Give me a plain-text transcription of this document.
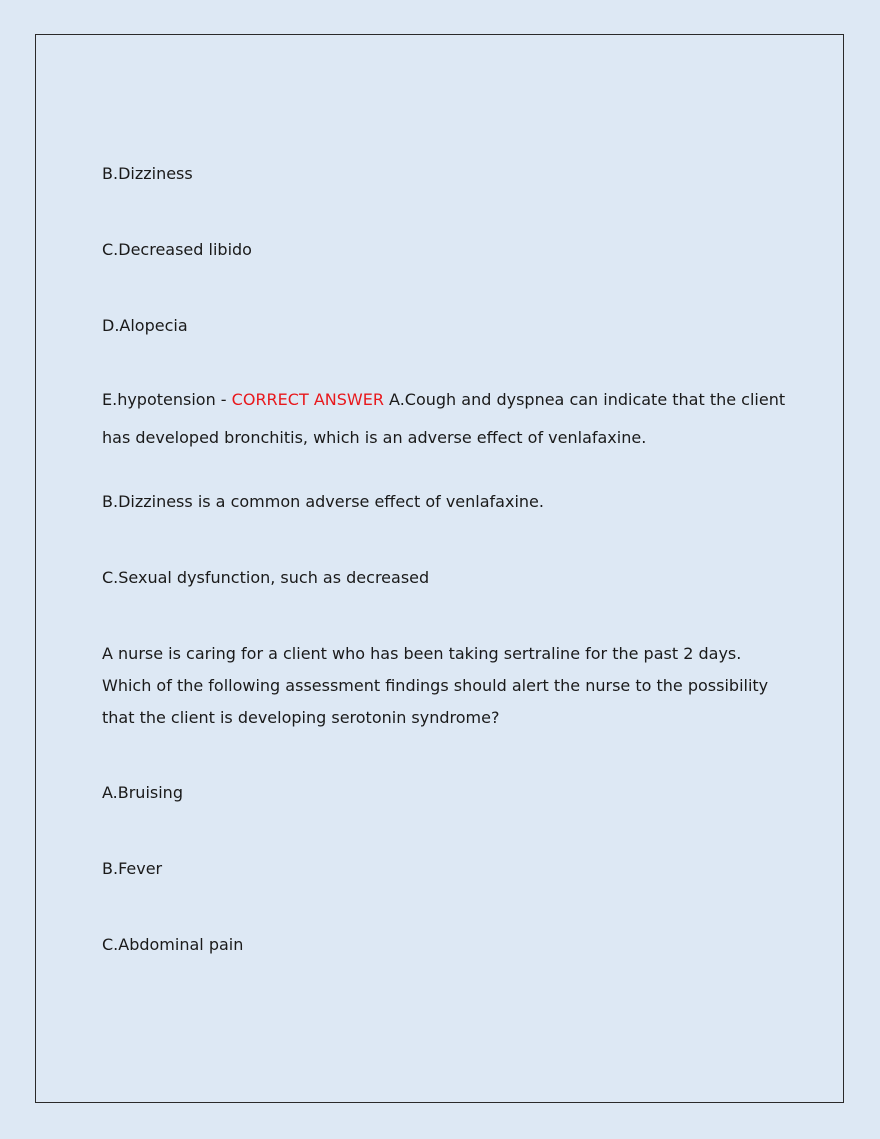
B.Dizziness
C.Decreased libido
D.Alopecia
E.hypotension - CORRECT ANSWER A.Cough and dyspnea can indicate that the client has developed bronchitis, which is an adverse effect of venlafaxine.
B.Dizziness is a common adverse effect of venlafaxine.
C.Sexual dysfunction, such as decreased
A nurse is caring for a client who has been taking sertraline for the past 2 days. Which of the following assessment findings should alert the nurse to the possibility that the client is developing serotonin syndrome?
A.Bruising
B.Fever
C.Abdominal pain
